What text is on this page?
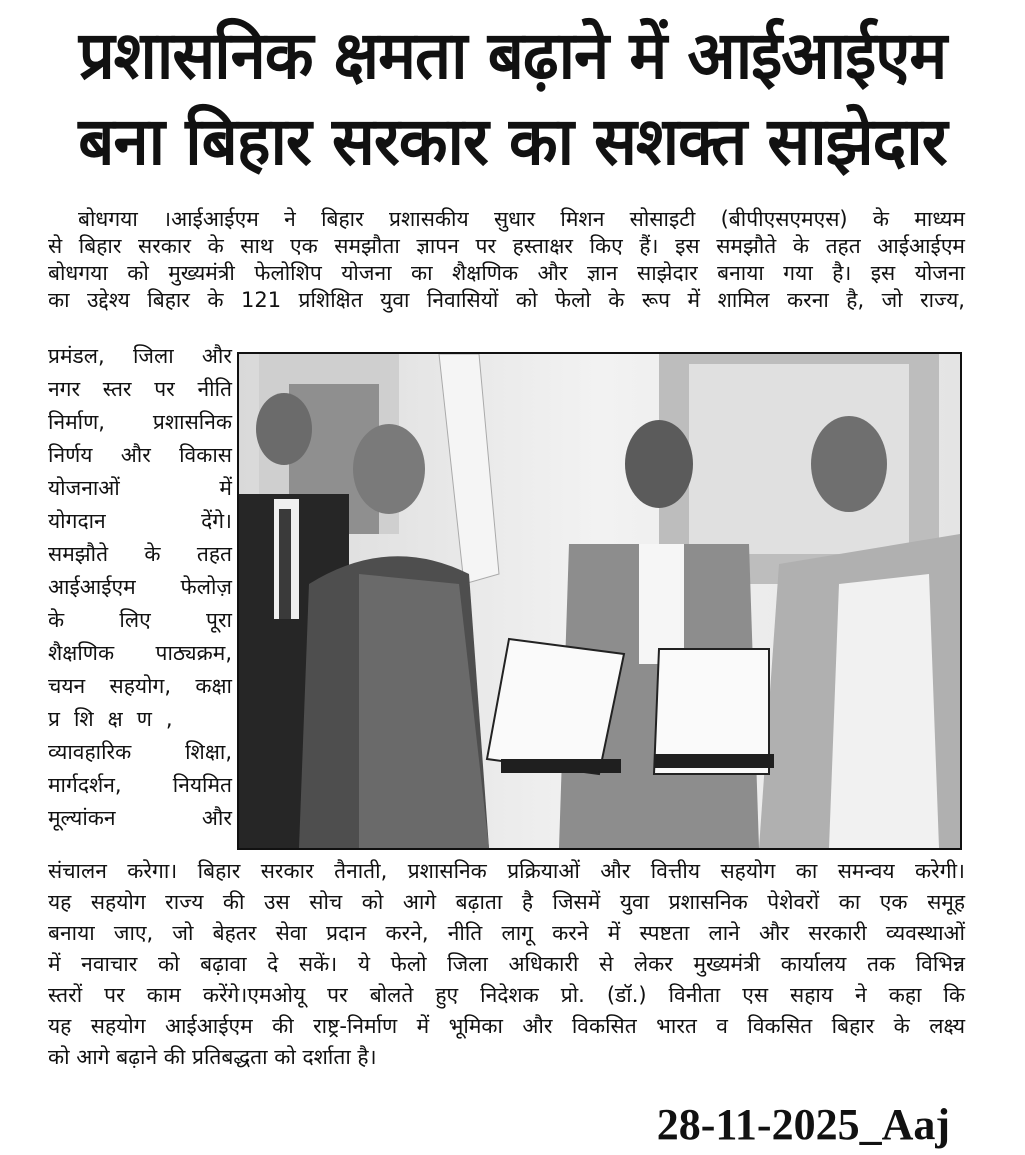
प्रशासनिक क्षमता बढ़ाने में आईआईएम
बना बिहार सरकार का सशक्त साझेदार
बोधगया ।आईआईएम ने बिहार प्रशासकीय सुधार मिशन सोसाइटी (बीपीएसएमएस) के माध्यम
से बिहार सरकार के साथ एक समझौता ज्ञापन पर हस्ताक्षर किए हैं। इस समझौते के तहत आईआईएम
बोधगया को मुख्यमंत्री फेलोशिप योजना का शैक्षणिक और ज्ञान साझेदार बनाया गया है। इस योजना
का उद्देश्य बिहार के 121 प्रशिक्षित युवा निवासियों को फेलो के रूप में शामिल करना है, जो राज्य,
प्रमंडल, जिला और
नगर स्तर पर नीति
निर्माण, प्रशासनिक
निर्णय और विकास
योजनाओं में
योगदान देंगे।
समझौते के तहत
आईआईएम फेलोज़
के लिए पूरा
शैक्षणिक पाठ्यक्रम,
चयन सहयोग, कक्षा
प्रशिक्षण,
व्यावहारिक शिक्षा,
मार्गदर्शन, नियमित
मूल्यांकन और
संचालन करेगा। बिहार सरकार तैनाती, प्रशासनिक प्रक्रियाओं और वित्तीय सहयोग का समन्वय करेगी।
यह सहयोग राज्य की उस सोच को आगे बढ़ाता है जिसमें युवा प्रशासनिक पेशेवरों का एक समूह
बनाया जाए, जो बेहतर सेवा प्रदान करने, नीति लागू करने में स्पष्टता लाने और सरकारी व्यवस्थाओं
में नवाचार को बढ़ावा दे सकें। ये फेलो जिला अधिकारी से लेकर मुख्यमंत्री कार्यालय तक विभिन्न
स्तरों पर काम करेंगे।एमओयू पर बोलते हुए निदेशक प्रो. (डॉ.) विनीता एस सहाय ने कहा कि
यह सहयोग आईआईएम की राष्ट्र-निर्माण में भूमिका और विकसित भारत व विकसित बिहार के लक्ष्य
को आगे बढ़ाने की प्रतिबद्धता को दर्शाता है।
28-11-2025_Aaj
